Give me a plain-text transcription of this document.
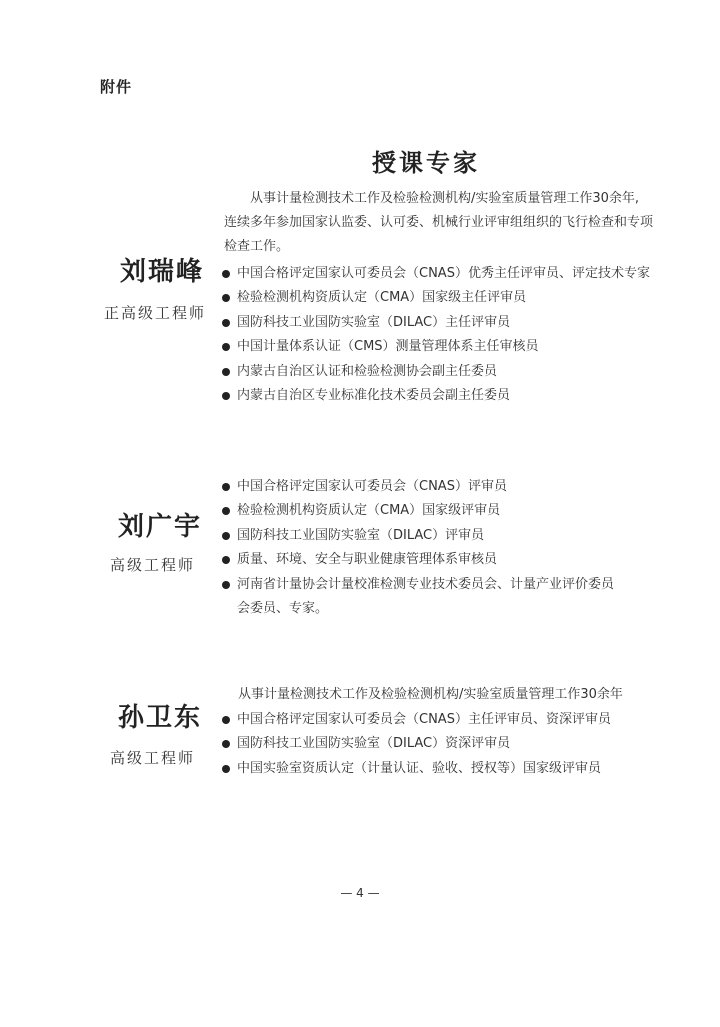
附件
授课专家
刘瑞峰
正高级工程师
从事计量检测技术工作及检验检测机构/实验室质量管理工作30余年,
连续多年参加国家认监委、认可委、机械行业评审组组织的飞行检查和专项
检查工作。
中国合格评定国家认可委员会（CNAS）优秀主任评审员、评定技术专家
检验检测机构资质认定（CMA）国家级主任评审员
国防科技工业国防实验室（DILAC）主任评审员
中国计量体系认证（CMS）测量管理体系主任审核员
内蒙古自治区认证和检验检测协会副主任委员
内蒙古自治区专业标准化技术委员会副主任委员
刘广宇
高级工程师
中国合格评定国家认可委员会（CNAS）评审员
检验检测机构资质认定（CMA）国家级评审员
国防科技工业国防实验室（DILAC）评审员
质量、环境、安全与职业健康管理体系审核员
河南省计量协会计量校准检测专业技术委员会、计量产业评价委员
会委员、专家。
孙卫东
高级工程师
从事计量检测技术工作及检验检测机构/实验室质量管理工作30余年
中国合格评定国家认可委员会（CNAS）主任评审员、资深评审员
国防科技工业国防实验室（DILAC）资深评审员
中国实验室资质认定（计量认证、验收、授权等）国家级评审员
— 4 —
